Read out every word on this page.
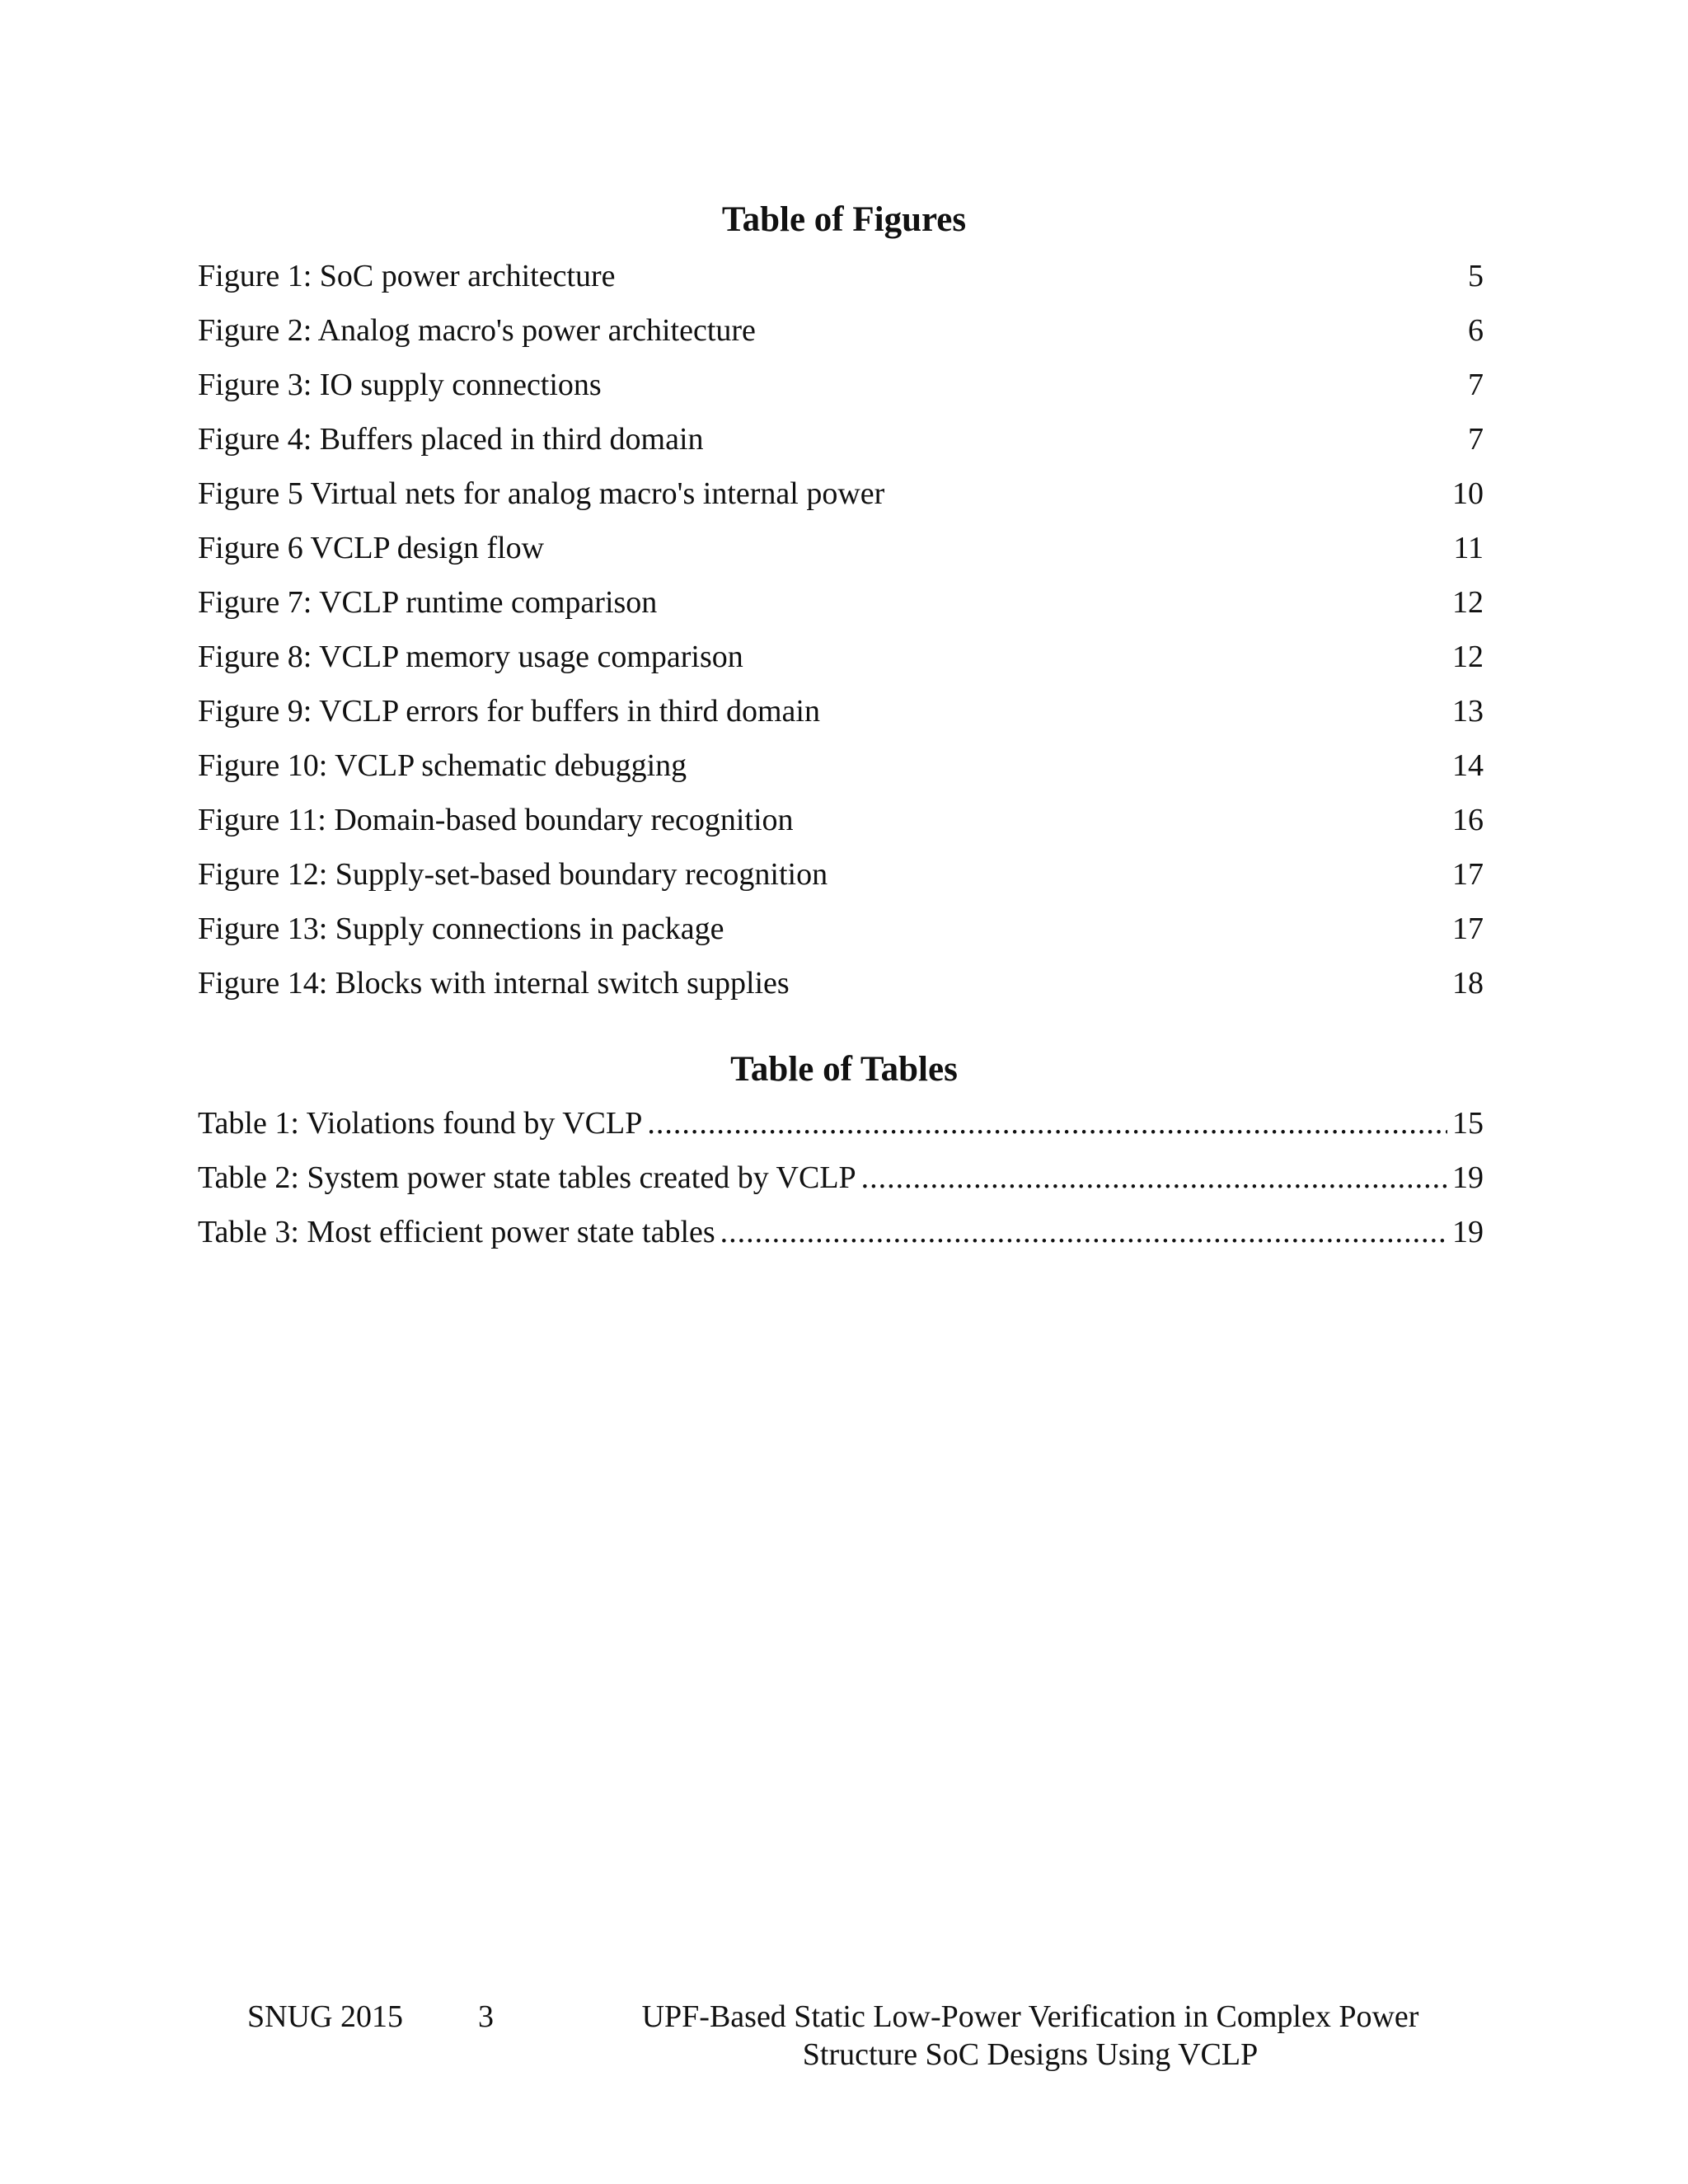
Table of Figures
Figure 1: SoC power architecture	5
Figure 2: Analog macro's power architecture	6
Figure 3: IO supply connections	7
Figure 4: Buffers placed in third domain	7
Figure 5 Virtual nets for analog macro's internal power	10
Figure 6 VCLP design flow	11
Figure 7: VCLP runtime comparison	12
Figure 8: VCLP memory usage comparison	12
Figure 9: VCLP errors for buffers in third domain	13
Figure 10: VCLP schematic debugging	14
Figure 11: Domain-based boundary recognition	16
Figure 12: Supply-set-based boundary recognition	17
Figure 13: Supply connections in package	17
Figure 14: Blocks with internal switch supplies	18
Table of Tables
Table 1: Violations found by VCLP .....	15
Table 2: System power state tables created by VCLP .....	19
Table 3: Most efficient power state tables .....	19
SNUG 2015 3	UPF-Based Static Low-Power Verification in Complex Power
Structure SoC Designs Using VCLP
